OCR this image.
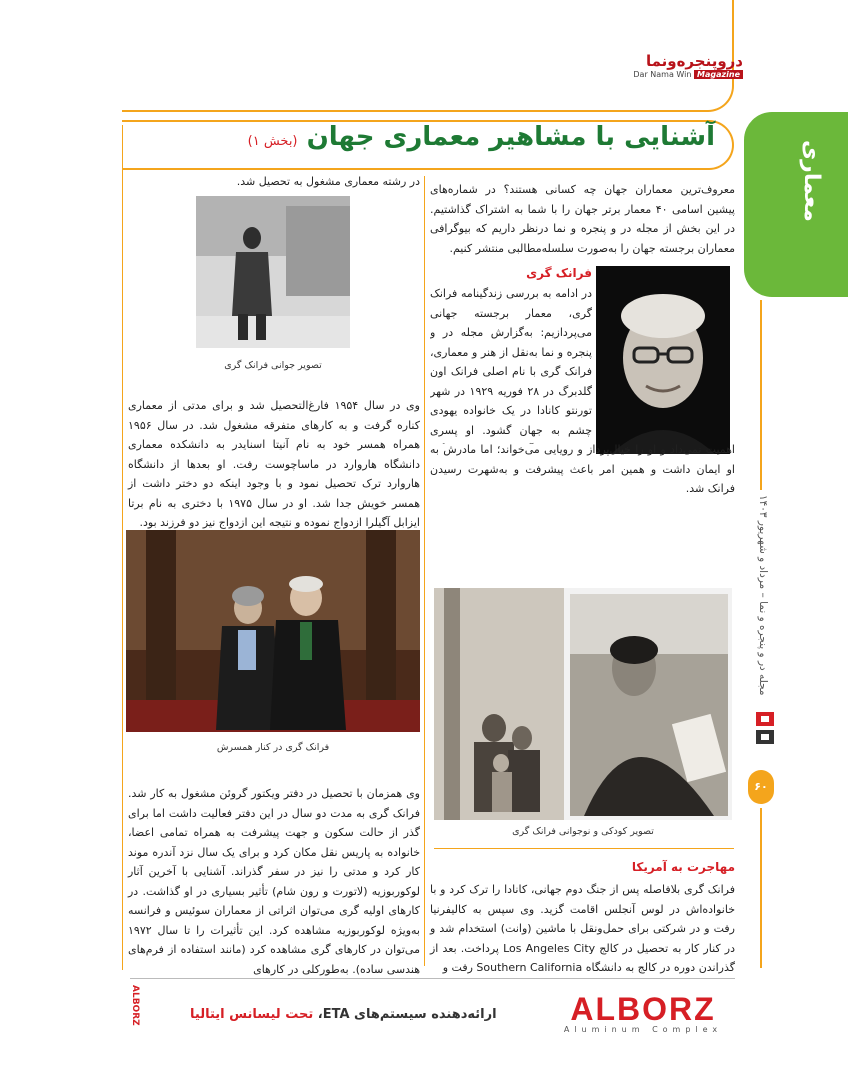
دروپنجره‌ونما
Dar Nama Win Magazine
آشنایی با مشاهیر معماری جهان (بخش ۱)	معماری
مجله در و پنجره و نما – مرداد و شهریور ۱۴۰۳
۶۰
معروف‌ترین معماران جهان چه کسانی هستند؟ در شماره‌های پیشین اسامی ۴۰ معمار برتر جهان را با شما به اشتراک گذاشتیم. در این بخش از مجله در و پنجره و نما درنظر داریم که بیوگرافی معماران برجسته جهان را به‌صورت سلسله‌مطالبی منتشر کنیم.
فرانک گری
در ادامه به بررسی زندگینامه فرانک گری، معمار برجسته جهانی می‌پردازیم: به‌گزارش مجله در و پنجره و نما به‌نقل از هنر و معماری، فرانک گری با نام اصلی فرانک اون گلدبرگ در ۲۸ فوریه ۱۹۲۹ در شهر تورنتو کانادا در یک خانواده یهودی چشم به جهان گشود. او پسری
اهمیت نمی‌داد و او را خیال‌پرداز و رویایی می‌خواند؛ اما مادرش به او ایمان داشت و همین امر باعث پیشرفت و به‌شهرت رسیدن فرانک شد.
تصویر کودکی و نوجوانی فرانک گری
مهاجرت به آمریکا
فرانک گری بلافاصله پس از جنگ دوم جهانی، کانادا را ترک کرد و با خانواده‌اش در لوس آنجلس اقامت گزید. وی سپس به کالیفرنیا رفت و در شرکتی برای حمل‌ونقل با ماشین (وانت) استخدام شد و در کنار کار به تحصیل در کالج Los Angeles City پرداخت. بعد از گذراندن دوره در کالج به دانشگاه Southern California رفت و
در رشته معماری مشغول به تحصیل شد.
تصویر جوانی فرانک گری
وی در سال ۱۹۵۴ فارغ‌التحصیل شد و برای مدتی از معماری کناره گرفت و به کارهای متفرقه مشغول شد. در سال ۱۹۵۶ همراه همسر خود به نام آنیتا اسنایدر به دانشکده معماری دانشگاه هاروارد در ماساچوست رفت. او بعدها از دانشگاه هاروارد ترک تحصیل نمود و با وجود اینکه دو دختر داشت از همسر خویش جدا شد. او در سال ۱۹۷۵ با دختری به نام برتا ایزابل آگیلرا ازدواج نموده و نتیجه این ازدواج نیز دو فرزند بود.
فرانک گری در کنار همسرش
وی همزمان با تحصیل در دفتر ویکتور گروئن مشغول به کار شد. فرانک گری به مدت دو سال در این دفتر فعالیت داشت اما برای گذر از حالت سکون و جهت پیشرفت به همراه تمامی اعضا، خانواده به پاریس نقل مکان کرد و برای یک سال نزد آندره موند کار کرد و مدتی را نیز در سفر گذراند. آشنایی با آخرین آثار لوکوربوزیه (لاتورت و رون شام) تأثیر بسیاری در او گذاشت. در کارهای اولیه گری می‌توان اثراتی از معماران سوئیس و فرانسه به‌ویژه لوکوربوزیه مشاهده کرد. این تأثیرات را تا سال ۱۹۷۲ می‌توان در کارهای گری مشاهده کرد (مانند استفاده از فرم‌های هندسی ساده). به‌طورکلی در کارهای
ALBORZ	ارائه‌دهنده سیستم‌های ETA، تحت لیسانس ایتالیا	ALBORZ
Aluminum Complex
